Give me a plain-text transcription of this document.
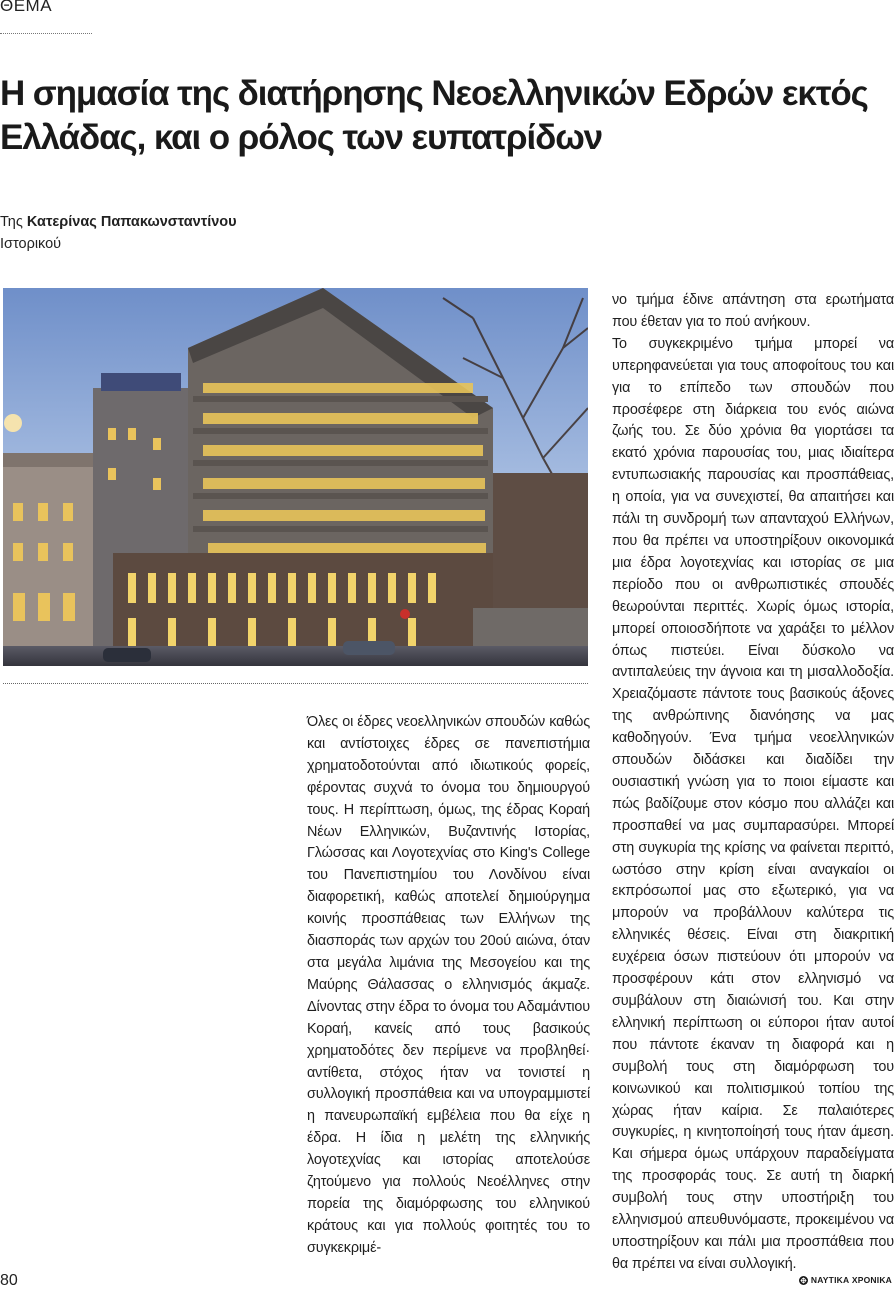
ΘΕΜΑ
Η σημασία της διατήρησης Νεοελληνικών Εδρών εκτός Ελλάδας, και ο ρόλος των ευπατρίδων
Της Κατερίνας Παπακωνσταντίνου
Ιστορικού

Όλες οι έδρες νεοελληνικών σπουδών καθώς και αντίστοιχες έδρες σε πανεπιστήμια χρηματοδοτούνται από ιδιωτικούς φορείς, φέροντας συχνά το όνομα του δημιουργού τους. Η περίπτωση, όμως, της έδρας Κοραή Νέων Ελληνικών, Βυζαντινής Ιστορίας, Γλώσσας και Λογοτεχνίας στο King's College του Πανεπιστημίου του Λονδίνου είναι διαφορετική, καθώς αποτελεί δημιούργημα κοινής προσπάθειας των Ελλήνων της διασποράς των αρχών του 20ού αιώνα, όταν στα μεγάλα λιμάνια της Μεσογείου και της Μαύρης Θάλασσας ο ελληνισμός άκμαζε. Δίνοντας στην έδρα το όνομα του Αδαμάντιου Κοραή, κανείς από τους βασικούς χρηματοδότες δεν περίμενε να προβληθεί· αντίθετα, στόχος ήταν να τονιστεί η συλλογική προσπάθεια και να υπογραμμιστεί η πανευρωπαϊκή εμβέλεια που θα είχε η έδρα. Η ίδια η μελέτη της ελληνικής λογοτεχνίας και ιστορίας αποτελούσε ζητούμενο για πολλούς Νεοέλληνες στην πορεία της διαμόρφωσης του ελληνικού κράτους και για πολλούς φοιτητές του το συγκεκριμέ-

νο τμήμα έδινε απάντηση στα ερωτήματα που έθεταν για το πού ανήκουν.

Το συγκεκριμένο τμήμα μπορεί να υπερηφανεύεται για τους αποφοίτους του και για το επίπεδο των σπουδών που προσέφερε στη διάρκεια του ενός αιώνα ζωής του. Σε δύο χρόνια θα γιορτάσει τα εκατό χρόνια παρουσίας του, μιας ιδιαίτερα εντυπωσιακής παρουσίας και προσπάθειας, η οποία, για να συνεχιστεί, θα απαιτήσει και πάλι τη συνδρομή των απανταχού Ελλήνων, που θα πρέπει να υποστηρίξουν οικονομικά μια έδρα λογοτεχνίας και ιστορίας σε μια περίοδο που οι ανθρωπιστικές σπουδές θεωρούνται περιττές. Χωρίς όμως ιστορία, μπορεί οποιοσδήποτε να χαράξει το μέλλον όπως πιστεύει. Είναι δύσκολο να αντιπαλεύεις την άγνοια και τη μισαλλοδοξία. Χρειαζόμαστε πάντοτε τους βασικούς άξονες της ανθρώπινης διανόησης να μας καθοδηγούν. Ένα τμήμα νεοελληνικών σπουδών διδάσκει και διαδίδει την ουσιαστική γνώση για το ποιοι είμαστε και πώς βαδίζουμε στον κόσμο που αλλάζει και προσπαθεί να μας συμπαρασύρει. Μπορεί στη συγκυρία της κρίσης να φαίνεται περιττό, ωστόσο στην κρίση είναι αναγκαίοι οι εκπρόσωποί μας στο εξωτερικό, για να μπορούν να προβάλλουν καλύτερα τις ελληνικές θέσεις. Είναι στη διακριτική ευχέρεια όσων πιστεύουν ότι μπορούν να προσφέρουν κάτι στον ελληνισμό να συμβάλουν στη διαιώνισή του. Και στην ελληνική περίπτωση οι εύποροι ήταν αυτοί που πάντοτε έκαναν τη διαφορά και η συμβολή τους στη διαμόρφωση του κοινωνικού και πολιτισμικού τοπίου της χώρας ήταν καίρια. Σε παλαιότερες συγκυρίες, η κινητοποίησή τους ήταν άμεση. Και σήμερα όμως υπάρχουν παραδείγματα της προσφοράς τους. Σε αυτή τη διαρκή συμβολή τους στην υποστήριξη του ελληνισμού απευθυνόμαστε, προκειμένου να υποστηρίξουν και πάλι μια προσπάθεια που θα πρέπει να είναι συλλογική.

80	ΝΑΥΤΙΚΑ ΧΡΟΝΙΚΑ
